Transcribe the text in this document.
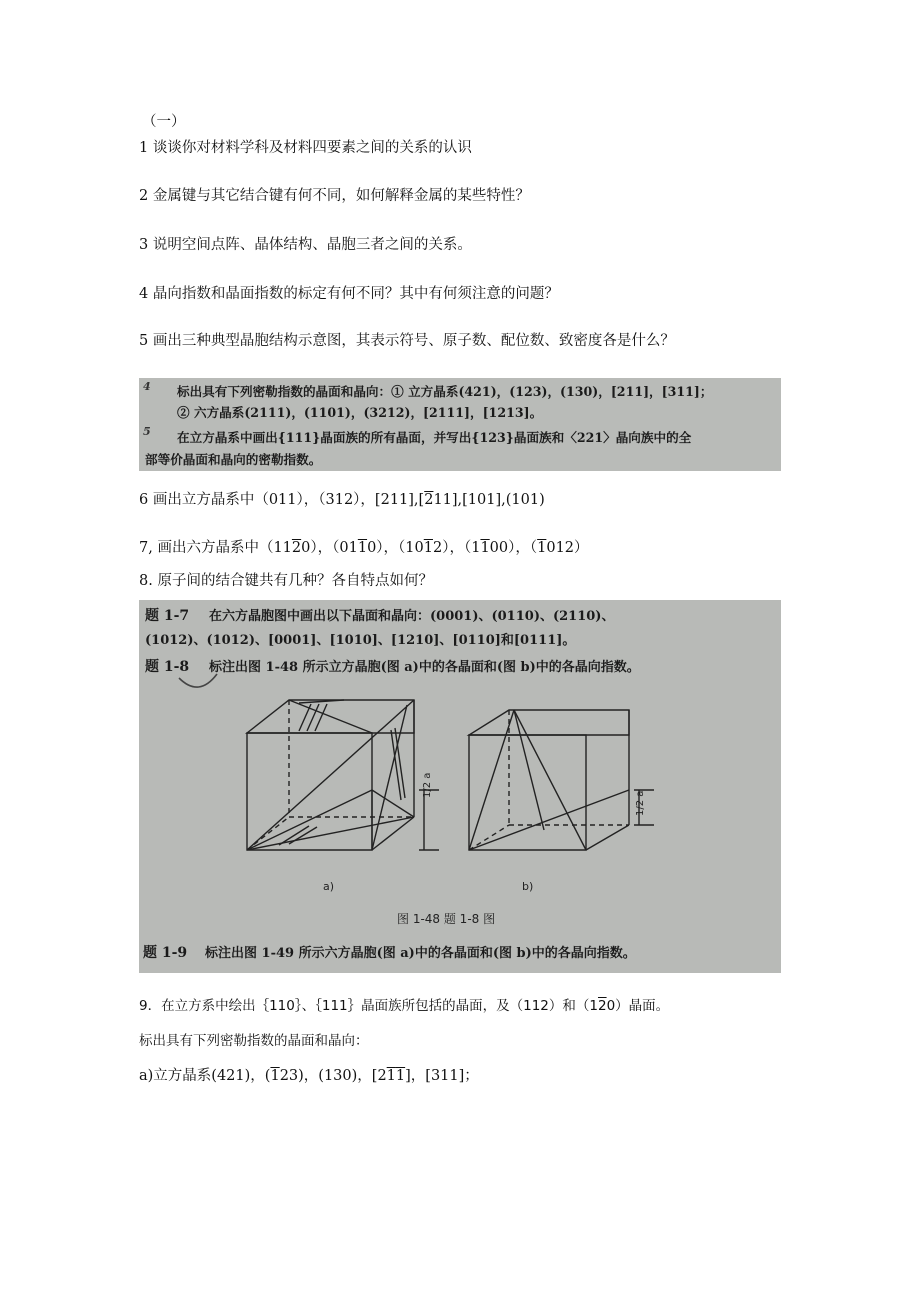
（一）
1 谈谈你对材料学科及材料四要素之间的关系的认识
2 金属键与其它结合键有何不同，如何解释金属的某些特性？
3 说明空间点阵、晶体结构、晶胞三者之间的关系。
4 晶向指数和晶面指数的标定有何不同？其中有何须注意的问题？
5 画出三种典型晶胞结构示意图，其表示符号、原子数、配位数、致密度各是什么？
4 标出具有下列密勒指数的晶面和晶向：① 立方晶系(421)，(123)，(130)，[211]，[311]；
② 六方晶系(2111)，(1101)，(3212)，[2111]，[1213]。
5 在立方晶系中画出{111}晶面族的所有晶面，并写出{123}晶面族和〈221〉晶向族中的全
部等价晶面和晶向的密勒指数。
6 画出立方晶系中（011），（312），[211],[211],[101],(101)
7, 画出六方晶系中（1120），（0110），（1012），（1100），（1012）
8. 原子间的结合键共有几种？各自特点如何？
题 1-7 在六方晶胞图中画出以下晶面和晶向：(0001)、(0110)、(2110)、
(1012)、(1012)、[0001]、[1010]、[1210]、[0110]和[0111]。
题 1-8 标注出图 1-48 所示立方晶胞(图 a)中的各晶面和(图 b)中的各晶向指数。
1/2 a
1/2 a
a)	b)
图 1-48 题 1-8 图
题 1-9 标注出图 1-49 所示六方晶胞(图 a)中的各晶面和(图 b)中的各晶向指数。
9．在立方系中绘出｛110｝、｛111｝晶面族所包括的晶面，及（112）和（120）晶面。
标出具有下列密勒指数的晶面和晶向：
a)立方晶系(421)，(123)，(130)，[211]，[311]；
